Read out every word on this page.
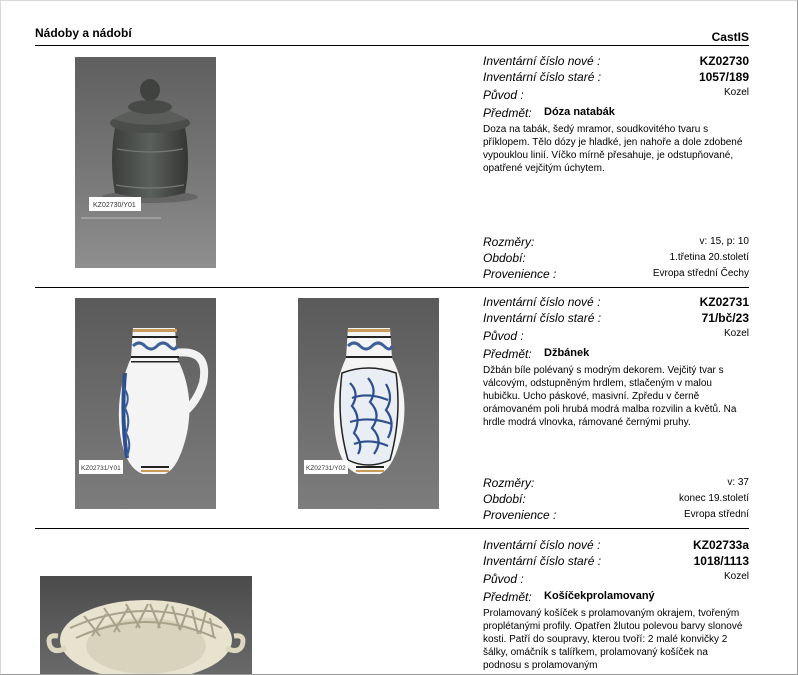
Nádoby a nádobí	CastIS
KZ02730/Y01
Inventární číslo nové :	KZ02730
Inventární číslo staré :	1057/189
Původ :	Kozel
Předmět: Dóza natabák
Doza na tabák, šedý mramor, soudkovitého tvaru s příklopem. Tělo dózy je hladké, jen nahoře a dole zdobené vypouklou linií. Víčko mírně přesahuje, je odstupňované, opatřené vejčitým úchytem.
Rozměry:	v: 15, p: 10
Období:	1.třetina 20.století
Provenience :	Evropa střední Čechy
KZ02731/Y01	KZ02731/Y02
Inventární číslo nové :	KZ02731
Inventární číslo staré :	71/bč/23
Původ :	Kozel
Předmět: Džbánek
Džbán bíle polévaný s modrým dekorem. Vejčitý tvar s válcovým, odstupněným hrdlem, stlačeným v malou hubičku. Ucho páskové, masivní. Zpředu v černě orámovaném poli hrubá modrá malba rozvilin a květů. Na hrdle modrá vlnovka, rámované černými pruhy.
Rozměry:	v: 37
Období:	konec 19.století
Provenience :	Evropa střední
Inventární číslo nové :	KZ02733a
Inventární číslo staré :	1018/1113
Původ :	Kozel
Předmět: Košíčekprolamovaný
Prolamovaný košíček s prolamovaným okrajem, tvořeným proplétanými profily. Opatřen žlutou polevou barvy slonové kosti. Patří do soupravy, kterou tvoří: 2 malé konvičky 2 šálky, omáčník s talířkem, prolamovaný košíček na podnosu s prolamovaným
